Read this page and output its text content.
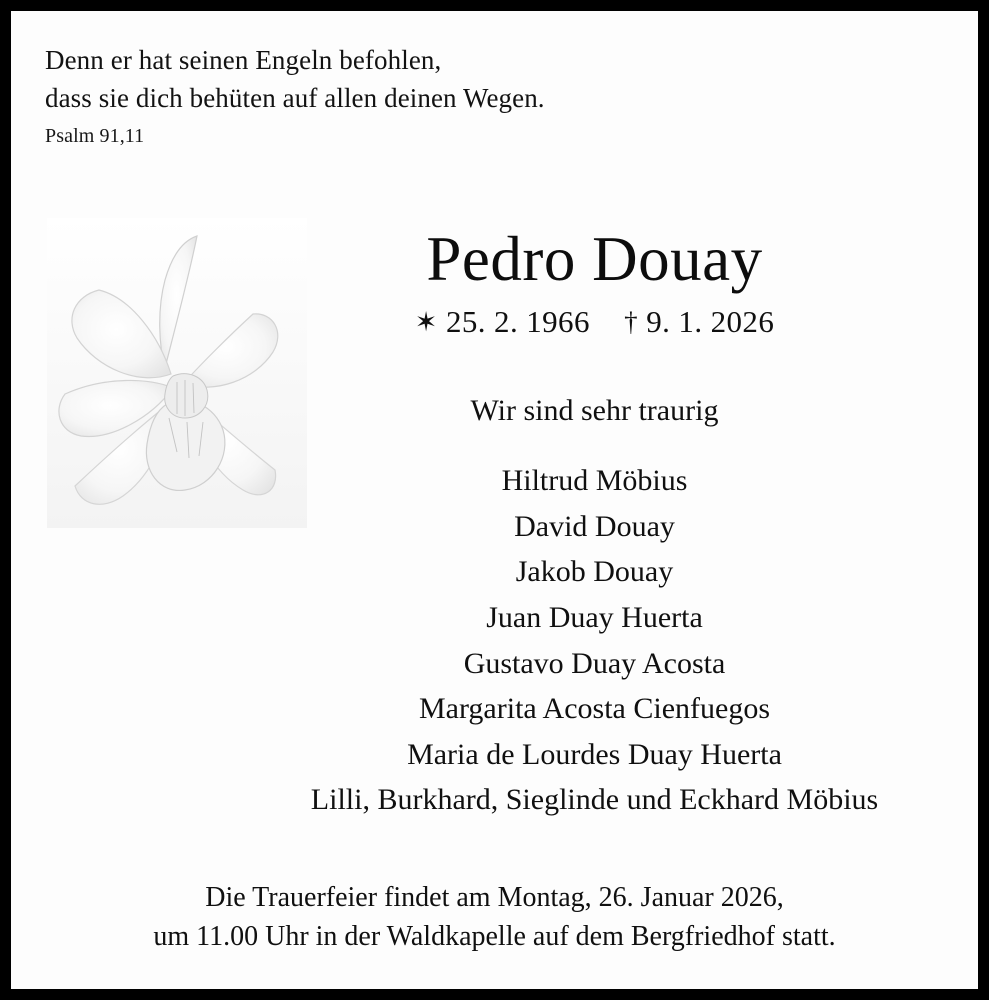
Denn er hat seinen Engeln befohlen,
dass sie dich behüten auf allen deinen Wegen.
Psalm 91,11
Pedro Douay
✶ 25. 2. 1966 † 9. 1. 2026
Wir sind sehr traurig
Hiltrud Möbius
David Douay
Jakob Douay
Juan Duay Huerta
Gustavo Duay Acosta
Margarita Acosta Cienfuegos
Maria de Lourdes Duay Huerta
Lilli, Burkhard, Sieglinde und Eckhard Möbius
Die Trauerfeier findet am Montag, 26. Januar 2026,
um 11.00 Uhr in der Waldkapelle auf dem Bergfriedhof statt.
